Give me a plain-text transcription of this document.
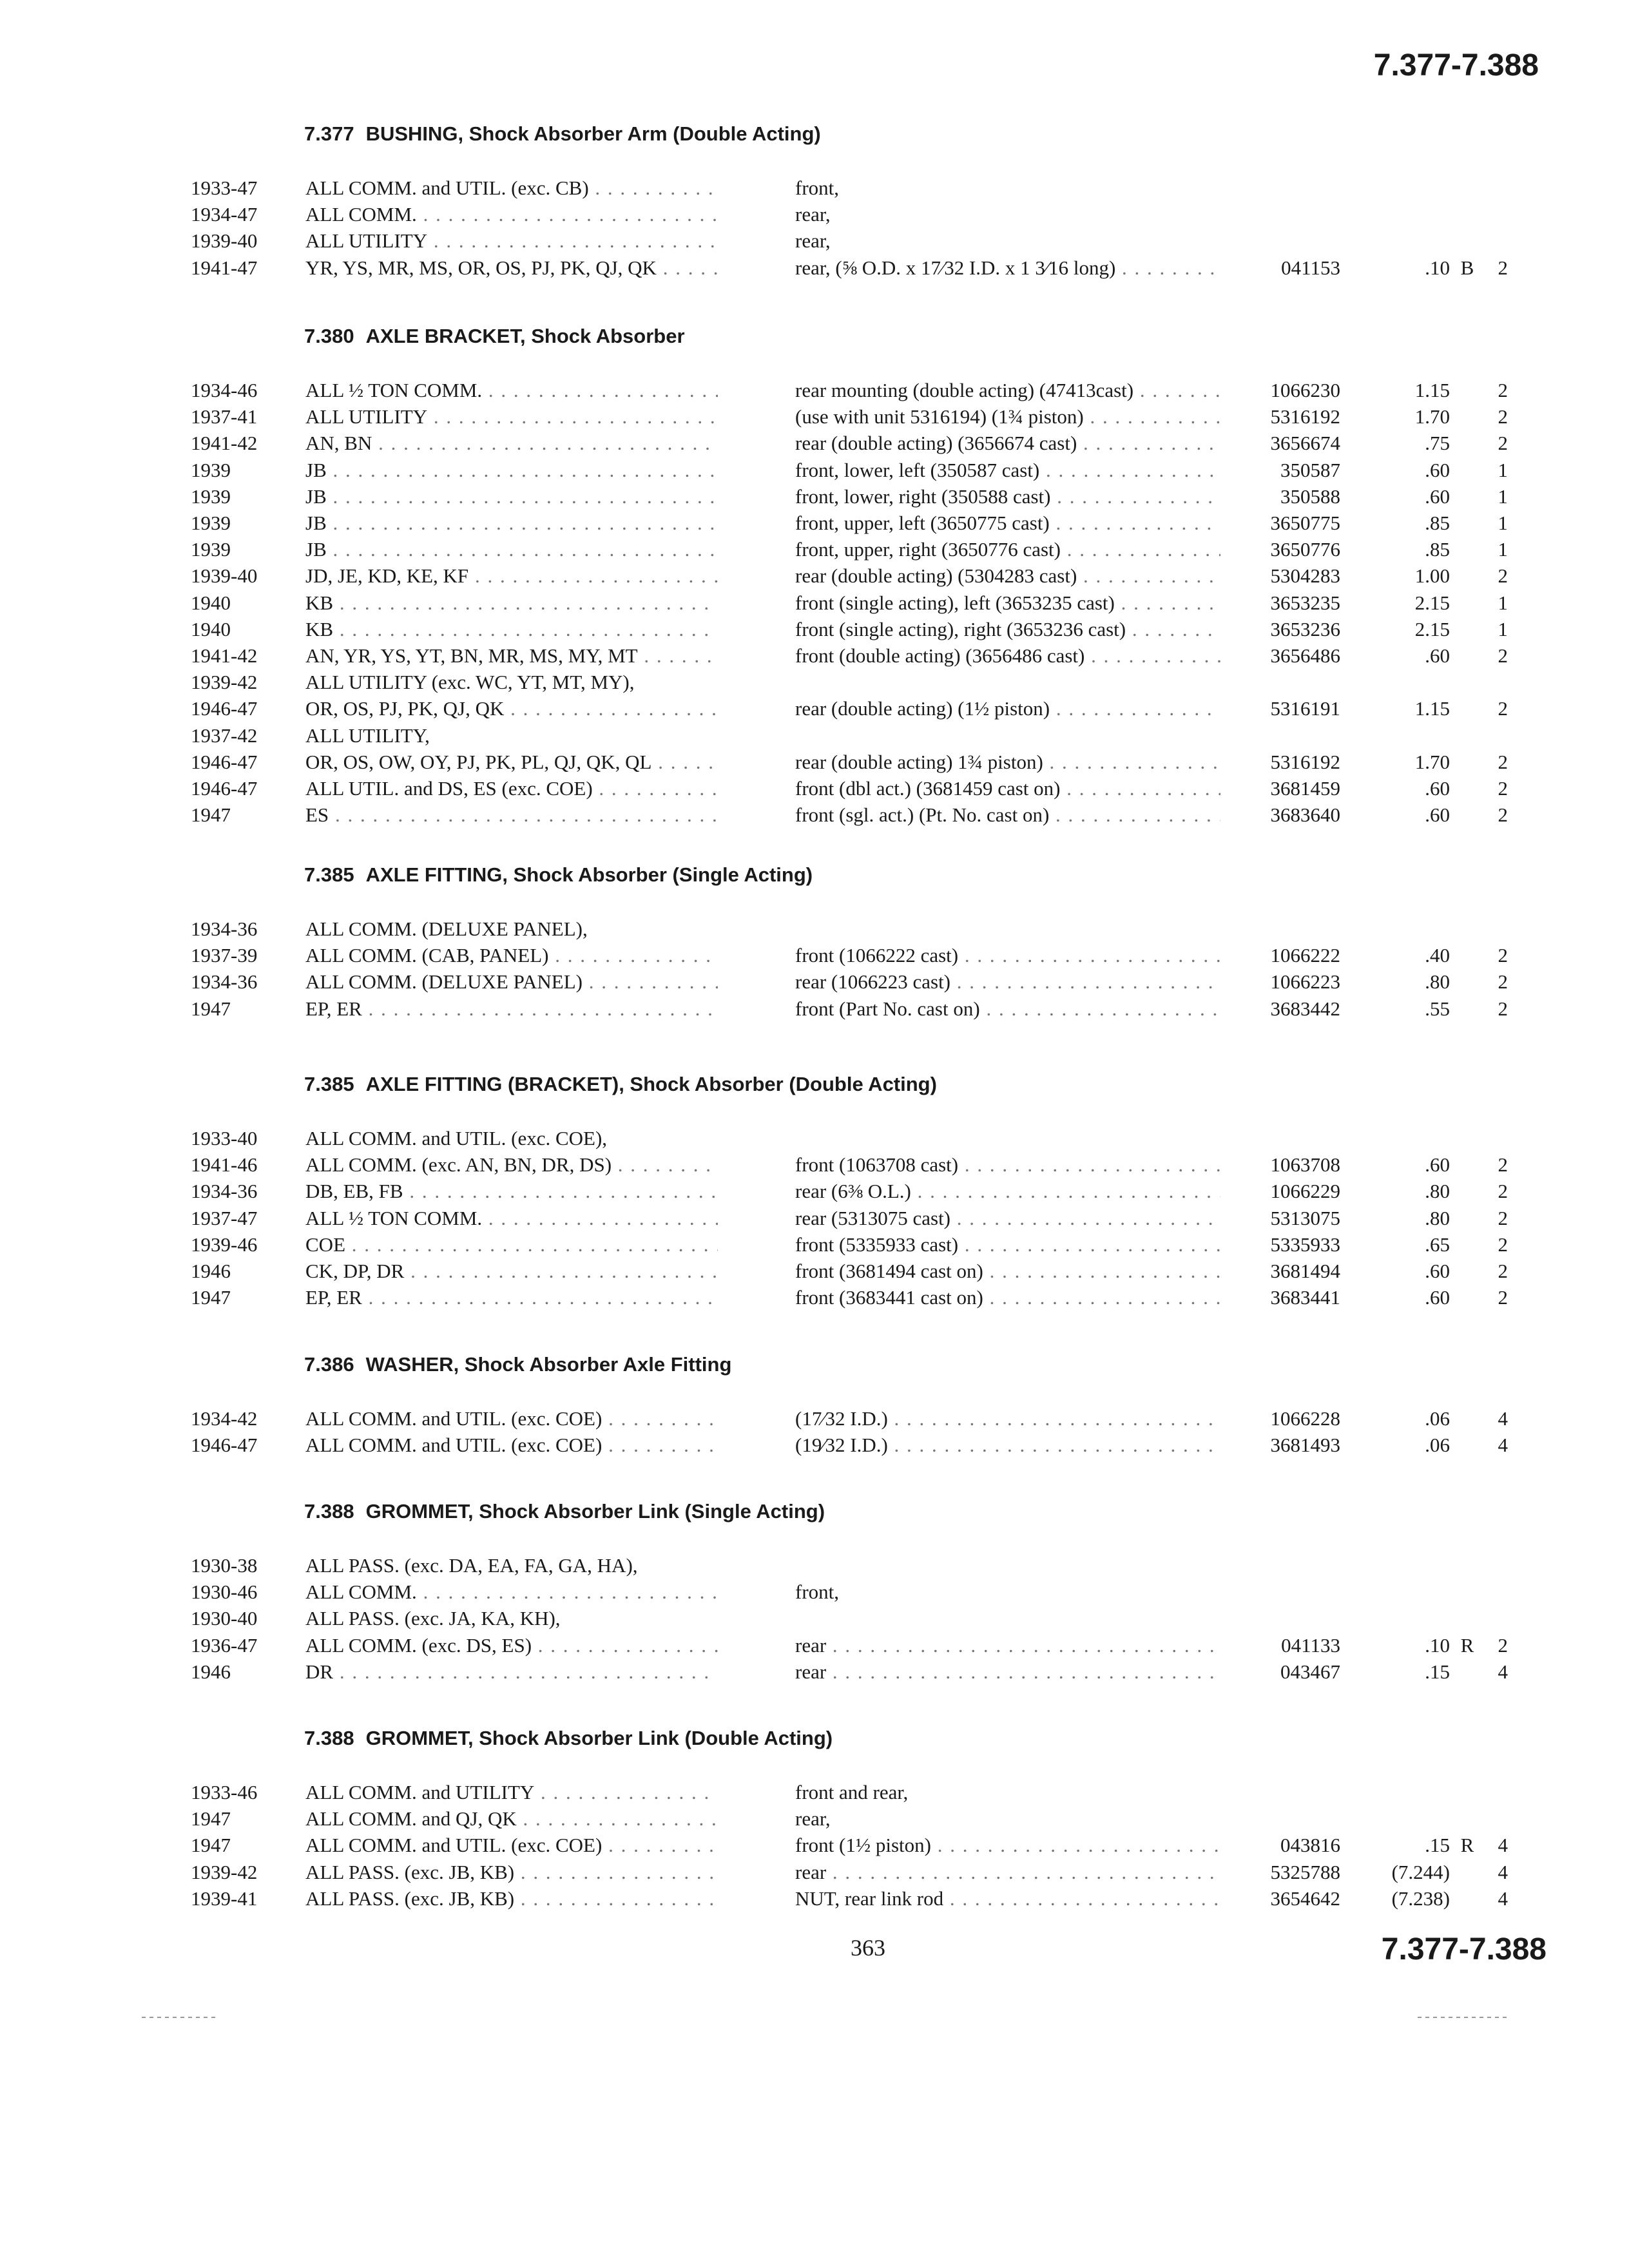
7.377-7.388
7.377 BUSHING, Shock Absorber Arm (Double Acting)
1933-47 ALL COMM. and UTIL. (exc. CB) . . .	front,
1934-47 ALL COMM. . . .	rear,
1939-40 ALL UTILITY . . .	rear,
1941-47 YR, YS, MR, MS, OR, OS, PJ, PK, QJ, QK . . .	rear, (⅝ O.D. x 17⁄32 I.D. x 1 3⁄16 long) . . .	041153	.10 B	2
7.380 AXLE BRACKET, Shock Absorber
1934-46 ALL ½ TON COMM. . . .	rear mounting (double acting) (47413cast) . . .	1066230	1.15	2
1937-41 ALL UTILITY . . .	(use with unit 5316194) (1¾ piston) . . .	5316192	1.70	2
1941-42 AN, BN . . .	rear (double acting) (3656674 cast) . . .	3656674	.75	2
1939	JB . . .	front, lower, left (350587 cast) . . .	350587	.60	1
1939	JB . . .	front, lower, right (350588 cast) . . .	350588	.60	1
1939	JB . . .	front, upper, left (3650775 cast) . . .	3650775	.85	1
1939	JB . . .	front, upper, right (3650776 cast) . . .	3650776	.85	1
1939-40 JD, JE, KD, KE, KF . . .	rear (double acting) (5304283 cast) . . .	5304283	1.00	2
1940	KB . . .	front (single acting), left (3653235 cast) . . .	3653235	2.15	1
1940	KB . . .	front (single acting), right (3653236 cast) . . .	3653236	2.15	1
1941-42 AN, YR, YS, YT, BN, MR, MS, MY, MT . . .	front (double acting) (3656486 cast) . . .	3656486	.60	2
1939-42 ALL UTILITY (exc. WC, YT, MT, MY),
1946-47 OR, OS, PJ, PK, QJ, QK . . .	rear (double acting) (1½ piston) . . .	5316191	1.15	2
1937-42 ALL UTILITY,
1946-47 OR, OS, OW, OY, PJ, PK, PL, QJ, QK, QL . . .	rear (double acting) 1¾ piston) . . .	5316192	1.70	2
1946-47 ALL UTIL. and DS, ES (exc. COE) . . .	front (dbl act.) (3681459 cast on) . . .	3681459	.60	2
1947	ES . . .	front (sgl. act.) (Pt. No. cast on) . . .	3683640	.60	2
7.385 AXLE FITTING, Shock Absorber (Single Acting)
1934-36 ALL COMM. (DELUXE PANEL),
1937-39 ALL COMM. (CAB, PANEL) . . .	front (1066222 cast) . . .	1066222	.40	2
1934-36 ALL COMM. (DELUXE PANEL) . . .	rear (1066223 cast) . . .	1066223	.80	2
1947	EP, ER . . .	front (Part No. cast on) . . .	3683442	.55	2
7.385 AXLE FITTING (BRACKET), Shock Absorber (Double Acting)
1933-40 ALL COMM. and UTIL. (exc. COE),
1941-46 ALL COMM. (exc. AN, BN, DR, DS) . . .	front (1063708 cast) . . .	1063708	.60	2
1934-36 DB, EB, FB . . .	rear (6⅜ O.L.) . . .	1066229	.80	2
1937-47 ALL ½ TON COMM. . . .	rear (5313075 cast) . . .	5313075	.80	2
1939-46 COE . . .	front (5335933 cast) . . .	5335933	.65	2
1946	CK, DP, DR . . .	front (3681494 cast on) . . .	3681494	.60	2
1947	EP, ER . . .	front (3683441 cast on) . . .	3683441	.60	2
7.386 WASHER, Shock Absorber Axle Fitting
1934-42 ALL COMM. and UTIL. (exc. COE) . . .	(17⁄32 I.D.) . . .	1066228	.06	4
1946-47 ALL COMM. and UTIL. (exc. COE) . . .	(19⁄32 I.D.) . . .	3681493	.06	4
7.388 GROMMET, Shock Absorber Link (Single Acting)
1930-38 ALL PASS. (exc. DA, EA, FA, GA, HA),
1930-46 ALL COMM. . . .	front,
1930-40 ALL PASS. (exc. JA, KA, KH),
1936-47 ALL COMM. (exc. DS, ES) . . .	rear . . .	041133	.10 R	2
1946	DR . . .	rear . . .	043467	.15	4
7.388 GROMMET, Shock Absorber Link (Double Acting)
1933-46 ALL COMM. and UTILITY . . .	front and rear,
1947	ALL COMM. and QJ, QK . . .	rear,
1947	ALL COMM. and UTIL. (exc. COE) . . .	front (1½ piston) . . .	043816	.15 R	4
1939-42 ALL PASS. (exc. JB, KB) . . .	rear . . .	5325788	(7.244)	4
1939-41 ALL PASS. (exc. JB, KB) . . .	NUT, rear link rod . . .	3654642	(7.238)	4
363	7.377-7.388
